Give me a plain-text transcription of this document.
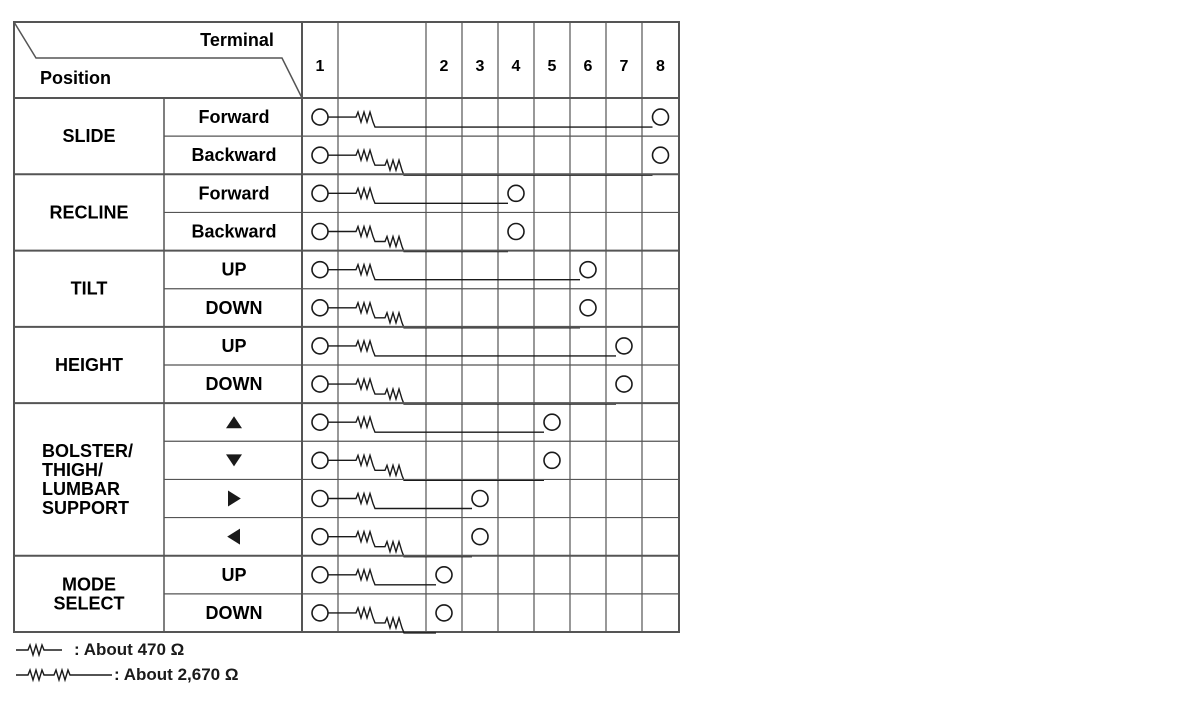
Terminal
Position
1	2 3 4 5 6 7 8
SLIDE
Forward
Backward
RECLINE
Forward
Backward
TILT
UP
DOWN
HEIGHT
UP
DOWN
BOLSTER/
THIGH/
LUMBAR
SUPPORT
MODE
SELECT
UP
DOWN
: About 470 Ω
: About 2,670 Ω
